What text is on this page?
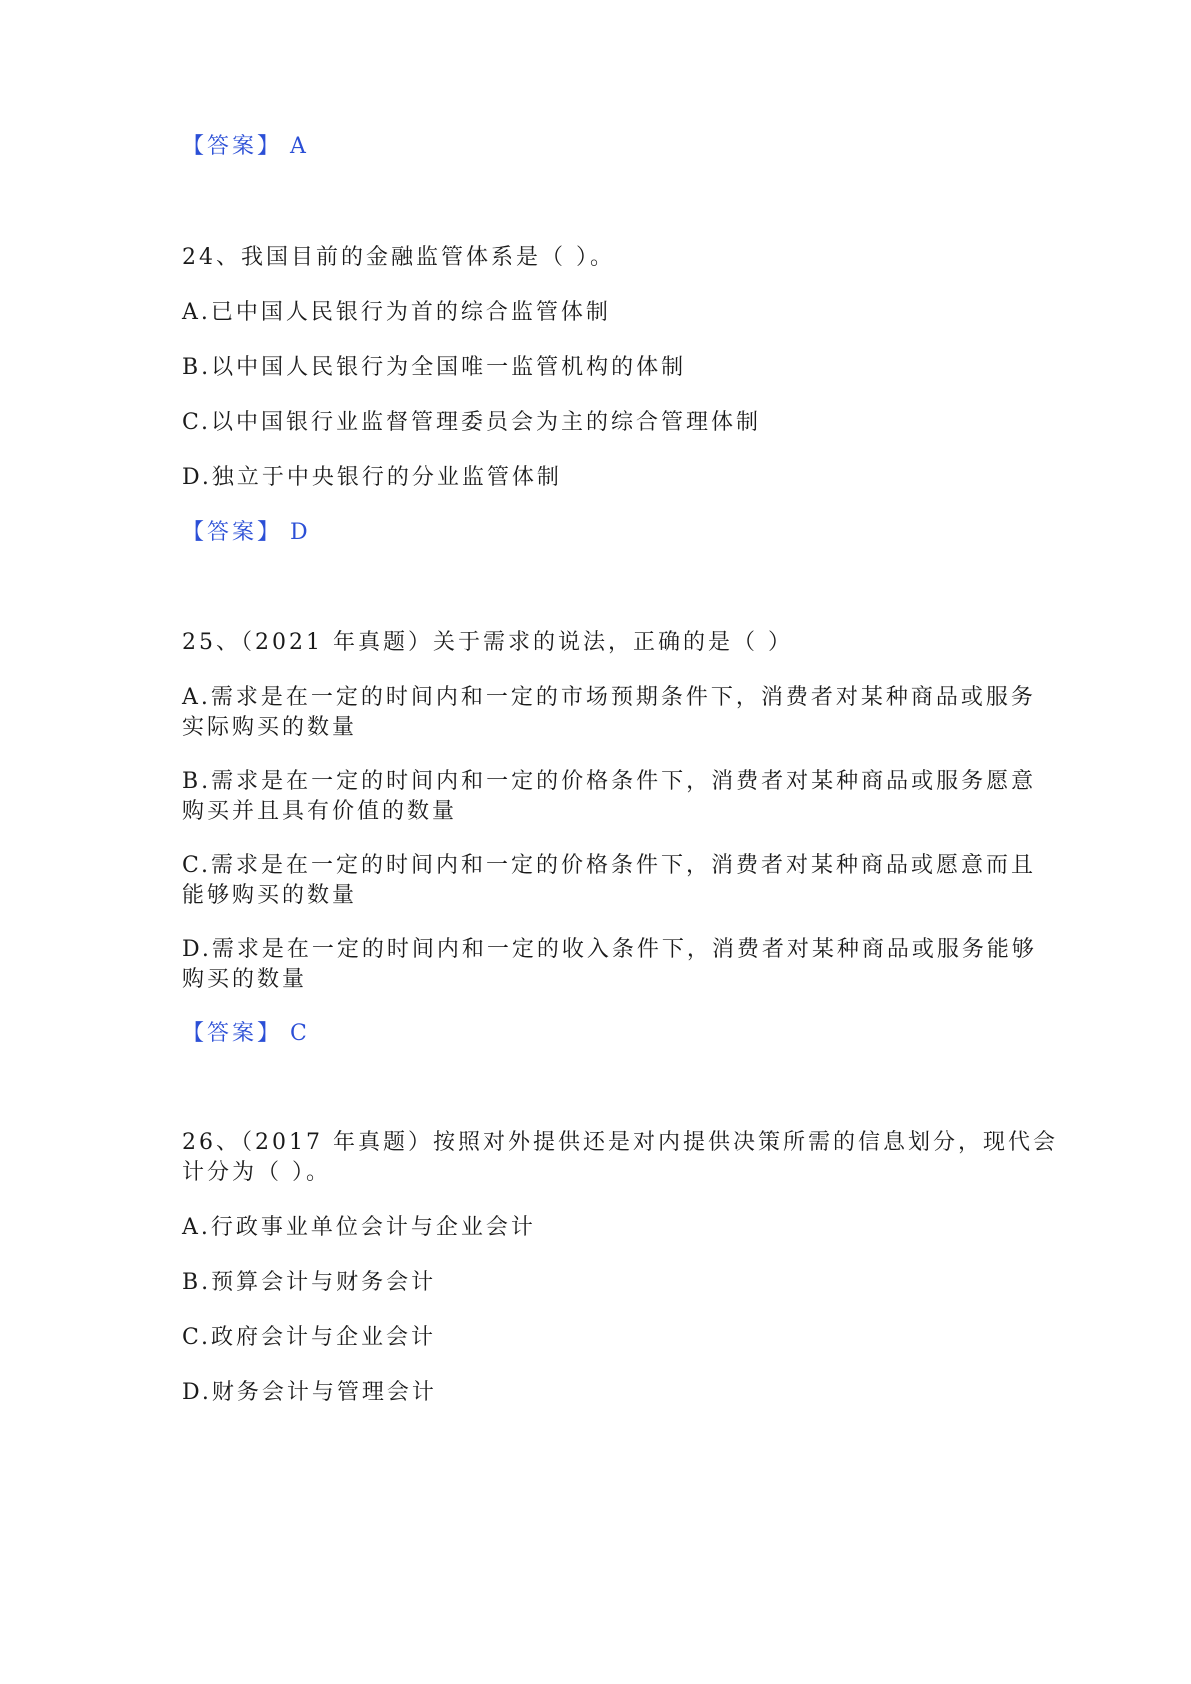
【答案】 A
24、我国目前的金融监管体系是（ ）。
A.已中国人民银行为首的综合监管体制
B.以中国人民银行为全国唯一监管机构的体制
C.以中国银行业监督管理委员会为主的综合管理体制
D.独立于中央银行的分业监管体制
【答案】 D
25、（2021 年真题）关于需求的说法，正确的是（ ）
A.需求是在一定的时间内和一定的市场预期条件下，消费者对某种商品或服务
实际购买的数量
B.需求是在一定的时间内和一定的价格条件下，消费者对某种商品或服务愿意
购买并且具有价值的数量
C.需求是在一定的时间内和一定的价格条件下，消费者对某种商品或愿意而且
能够购买的数量
D.需求是在一定的时间内和一定的收入条件下，消费者对某种商品或服务能够
购买的数量
【答案】 C
26、（2017 年真题）按照对外提供还是对内提供决策所需的信息划分，现代会
计分为（ ）。
A.行政事业单位会计与企业会计
B.预算会计与财务会计
C.政府会计与企业会计
D.财务会计与管理会计
